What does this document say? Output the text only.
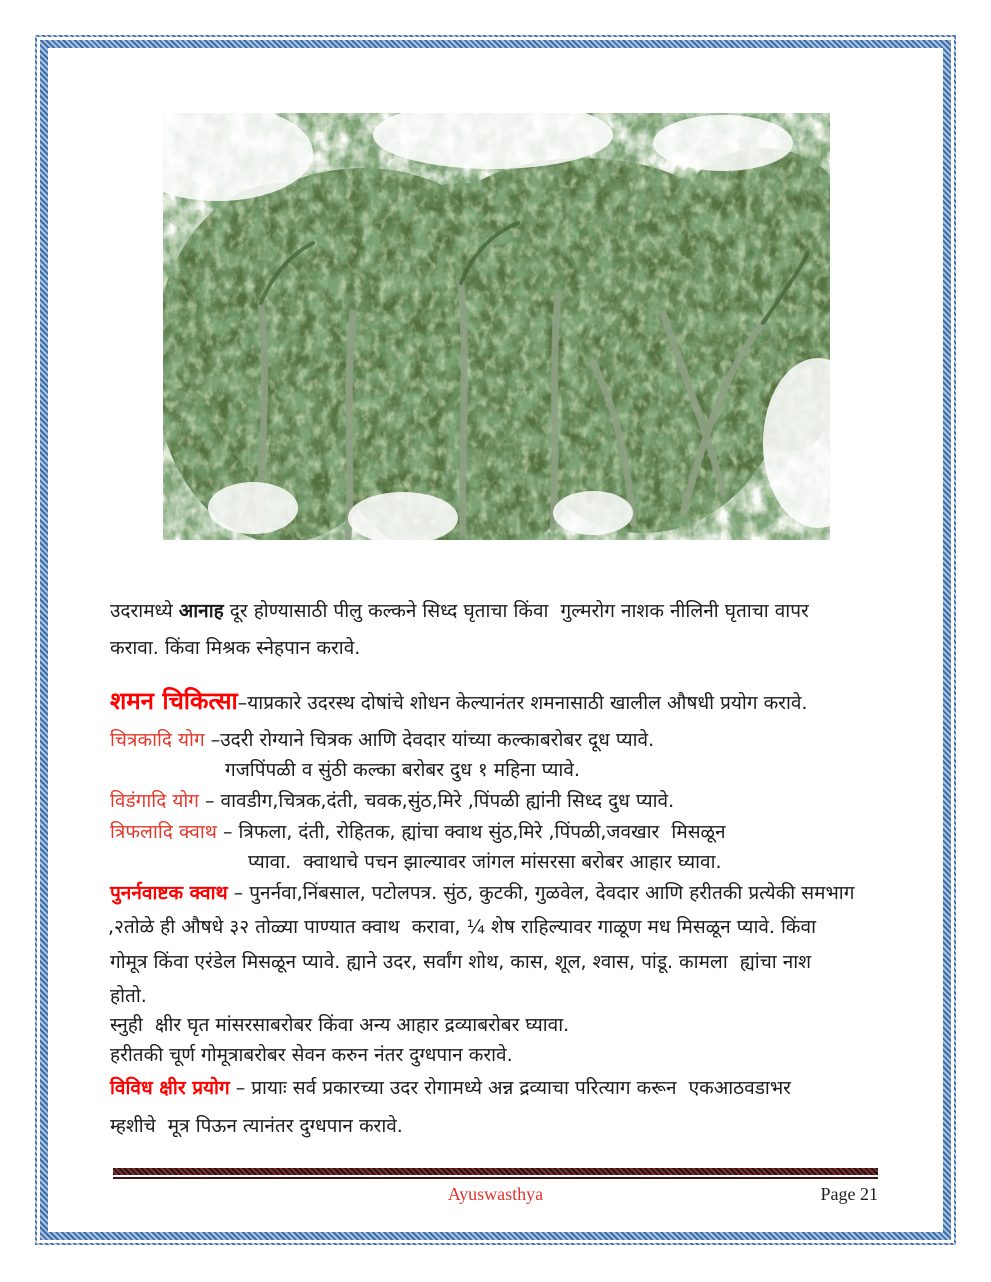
उदरामध्ये आनाह दूर होण्यासाठी पीलु कल्कने सिध्द घृताचा किंवा  गुल्मरोग नाशक नीलिनी घृताचा वापर
करावा. किंवा मिश्रक स्नेहपान करावे.
शमन चिकित्सा–याप्रकारे उदरस्थ दोषांचे शोधन केल्यानंतर शमनासाठी खालील औषधी प्रयोग करावे.
चित्रकादि योग –उदरी रोग्याने चित्रक आणि देवदार यांच्या कल्काबरोबर दूध प्यावे.
गजपिंपळी व सुंठी कल्का बरोबर दुध १ महिना प्यावे.
विडंगादि योग – वावडीग,चित्रक,दंती, चवक,सुंठ,मिरे ,पिंपळी ह्यांनी सिध्द दुध प्यावे.
त्रिफलादि क्वाथ – त्रिफला, दंती, रोहितक, ह्यांचा क्वाथ सुंठ,मिरे ,पिंपळी,जवखार  मिसळून
प्यावा.  क्वाथाचे पचन झाल्यावर जांगल मांसरसा बरोबर आहार घ्यावा.
पुनर्नवाष्टक क्वाथ – पुनर्नवा,निंबसाल, पटोलपत्र. सुंठ, कुटकी, गुळवेल, देवदार आणि हरीतकी प्रत्येकी समभाग
,२तोळे ही औषधे ३२ तोळ्या पाण्यात क्वाथ  करावा, ¼ शेष राहिल्यावर गाळूण मध मिसळून प्यावे. किंवा
गोमूत्र किंवा एरंडेल मिसळून प्यावे. ह्याने उदर, सर्वांग शोथ, कास, शूल, श्वास, पांडू. कामला  ह्यांचा नाश
होतो.
स्नुही  क्षीर घृत मांसरसाबरोबर किंवा अन्य आहार द्रव्याबरोबर घ्यावा.
हरीतकी चूर्ण गोमूत्राबरोबर सेवन करुन नंतर दुग्धपान करावे.
विविध क्षीर प्रयोग – प्रायाः सर्व प्रकारच्या उदर रोगामध्ये अन्न द्रव्याचा परित्याग करून  एकआठवडाभर
म्हशीचे  मूत्र पिऊन त्यानंतर दुग्धपान करावे.
Ayuswasthya	Page 21
